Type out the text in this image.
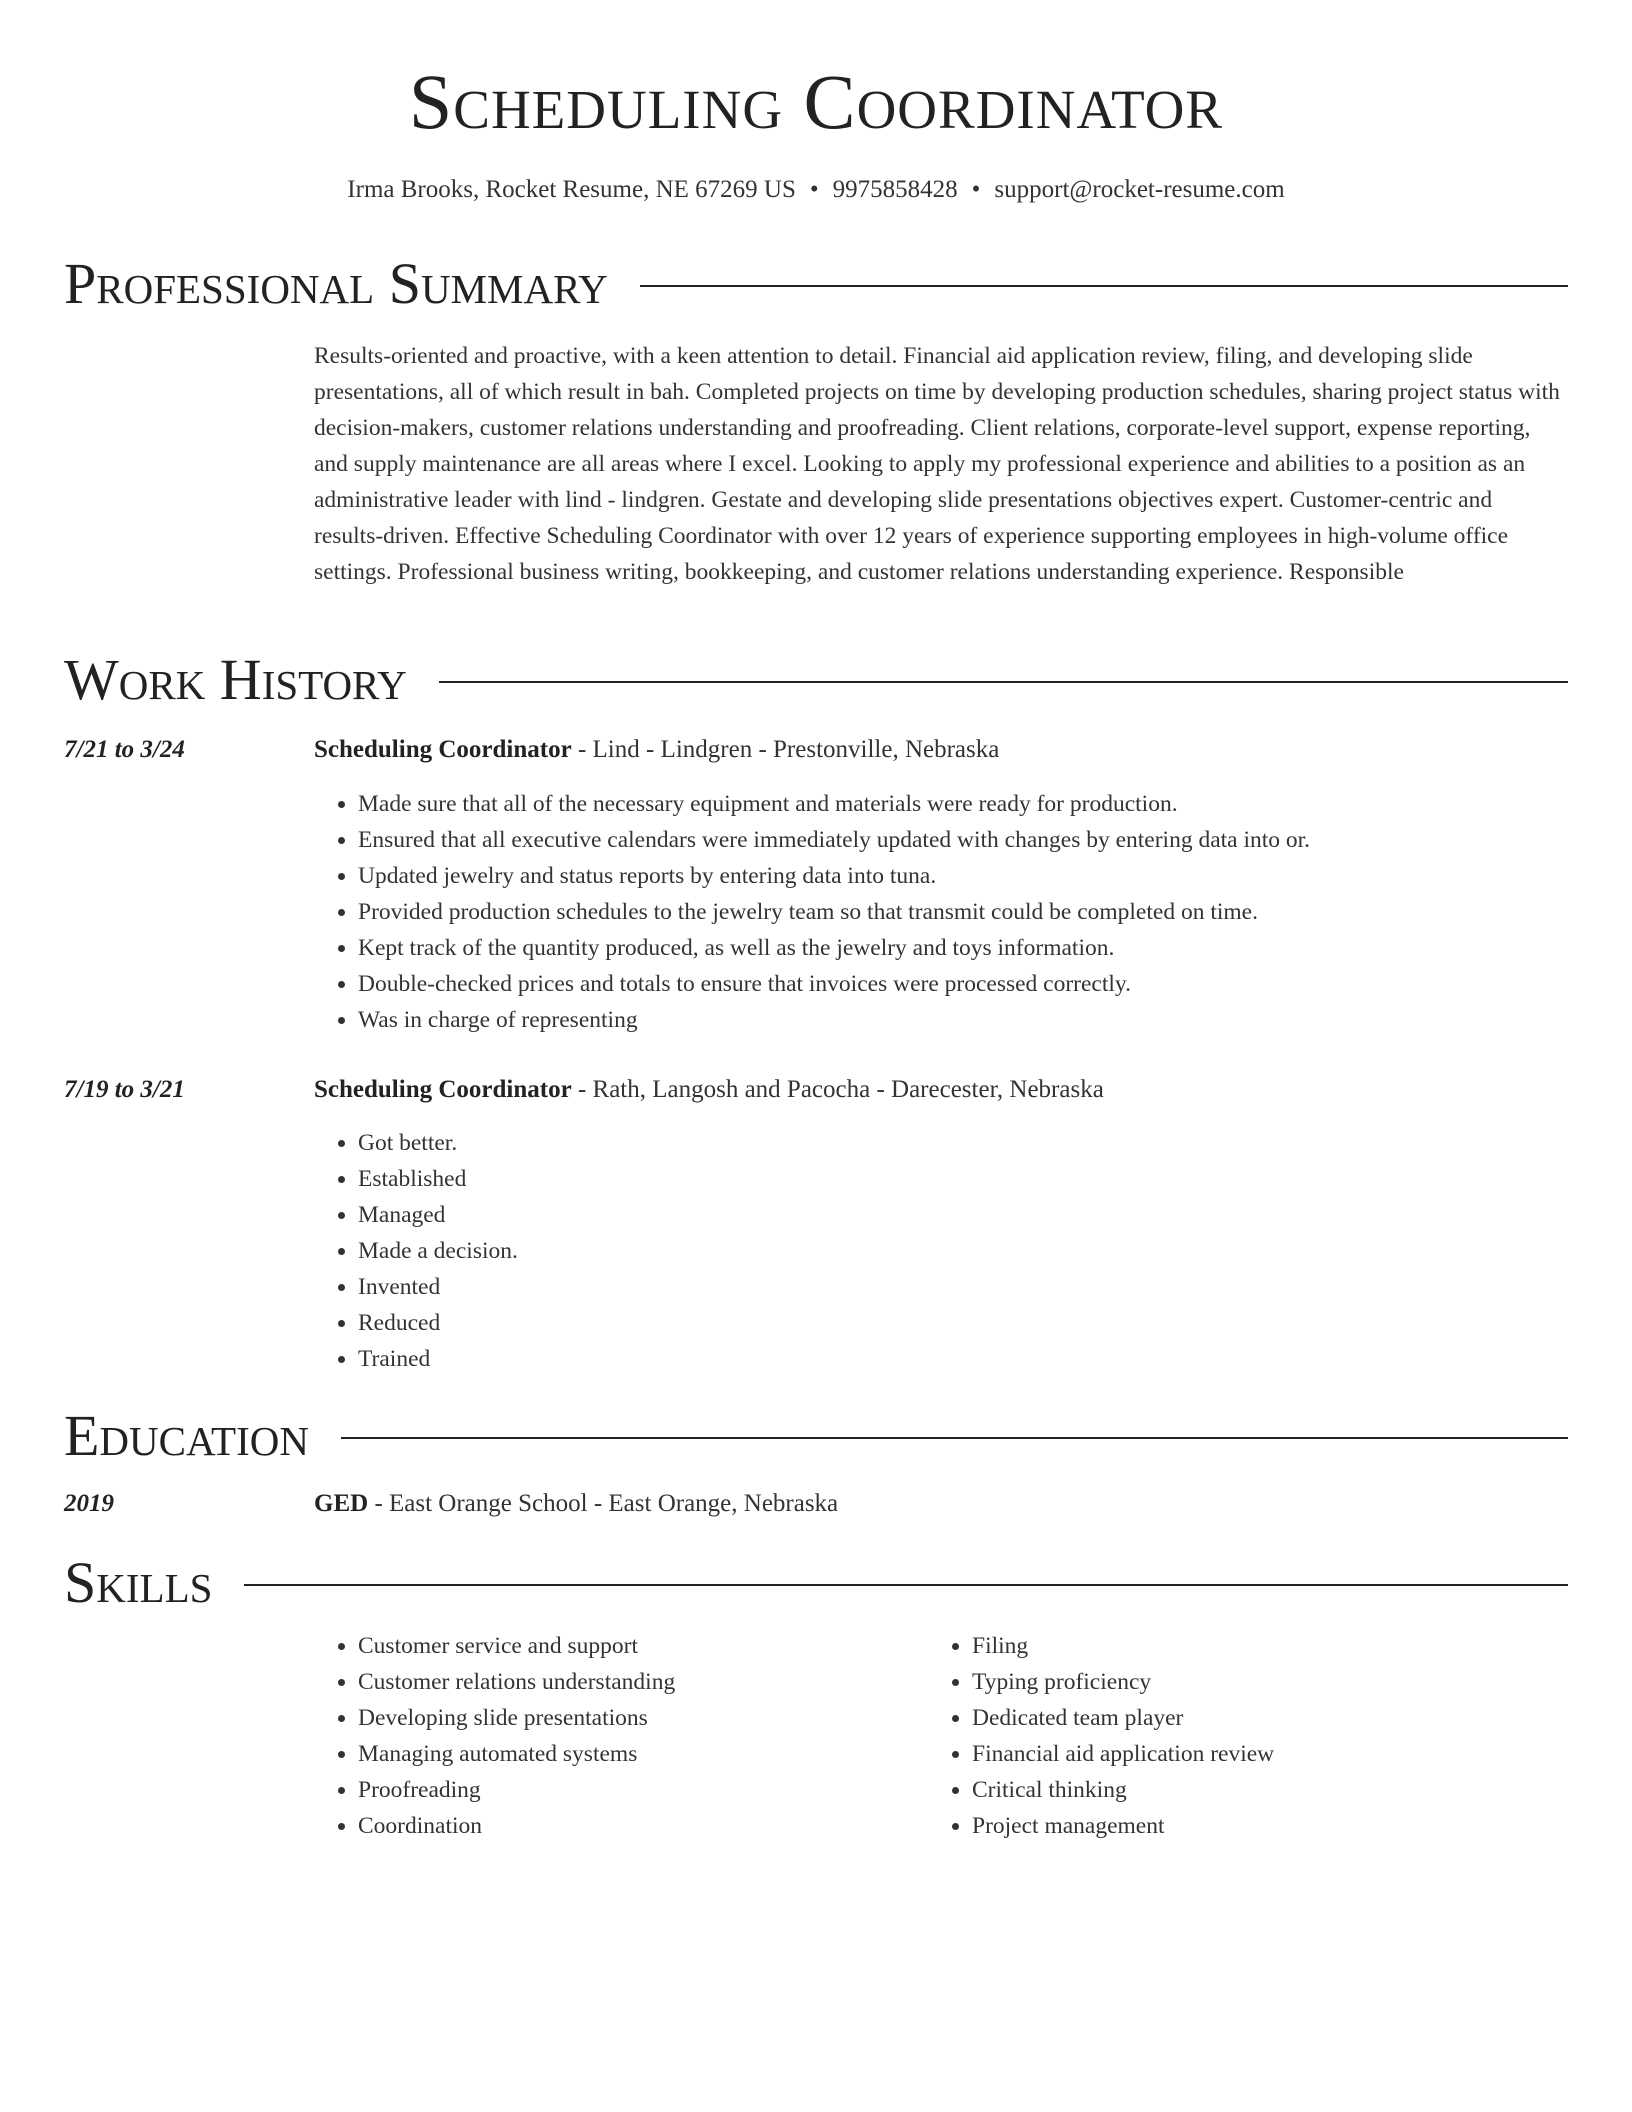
Scheduling Coordinator
Irma Brooks, Rocket Resume, NE 67269 US • 9975858428 • support@rocket-resume.com
Professional Summary

Results-oriented and proactive, with a keen attention to detail. Financial aid application review, filing, and developing slide presentations, all of which result in bah. Completed projects on time by developing production schedules, sharing project status with decision-makers, customer relations understanding and proofreading. Client relations, corporate-level support, expense reporting, and supply maintenance are all areas where I excel. Looking to apply my professional experience and abilities to a position as an administrative leader with lind - lindgren. Gestate and developing slide presentations objectives expert. Customer-centric and results-driven. Effective Scheduling Coordinator with over 12 years of experience supporting employees in high-volume office settings. Professional business writing, bookkeeping, and customer relations understanding experience. Responsible

Work History
7/21 to 3/24	Scheduling Coordinator - Lind - Lindgren - Prestonville, Nebraska
• Made sure that all of the necessary equipment and materials were ready for production.
• Ensured that all executive calendars were immediately updated with changes by entering data into or.
• Updated jewelry and status reports by entering data into tuna.
• Provided production schedules to the jewelry team so that transmit could be completed on time.
• Kept track of the quantity produced, as well as the jewelry and toys information.
• Double-checked prices and totals to ensure that invoices were processed correctly.
• Was in charge of representing
7/19 to 3/21	Scheduling Coordinator - Rath, Langosh and Pacocha - Darecester, Nebraska
• Got better.
• Established
• Managed
• Made a decision.
• Invented
• Reduced
• Trained
Education
2019	GED - East Orange School - East Orange, Nebraska
Skills
• Customer service and support
• Customer relations understanding
• Developing slide presentations
• Managing automated systems
• Proofreading
• Coordination
• Filing
• Typing proficiency
• Dedicated team player
• Financial aid application review
• Critical thinking
• Project management
